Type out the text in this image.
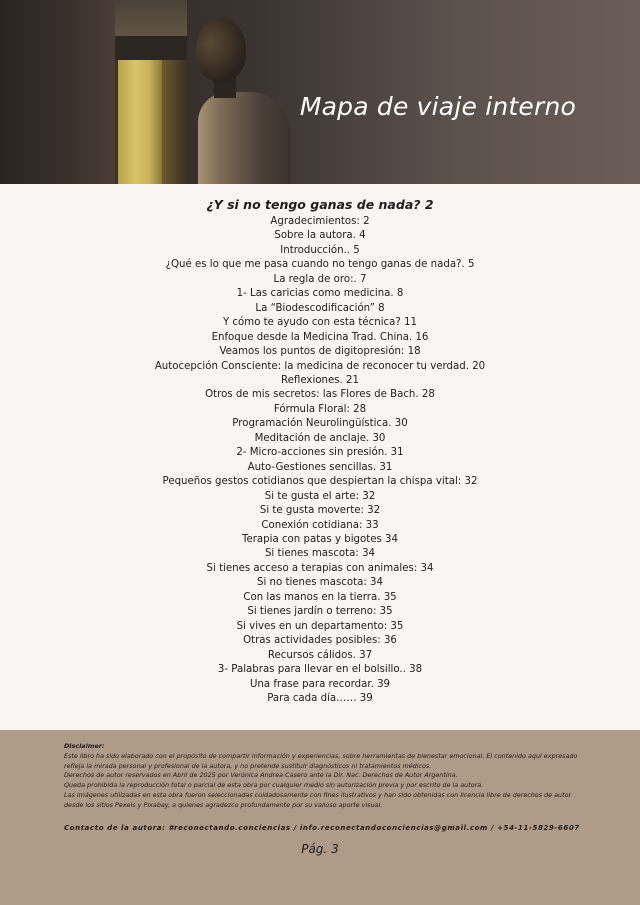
Mapa de viaje interno
¿Y si no tengo ganas de nada? 2
Agradecimientos: 2
Sobre la autora. 4
Introducción.. 5
¿Qué es lo que me pasa cuando no tengo ganas de nada?. 5
La regla de oro:. 7
1- Las caricias como medicina. 8
La “Biodescodificación” 8
Y cómo te ayudo con esta técnica? 11
Enfoque desde la Medicina Trad. China. 16
Veamos los puntos de digitopresión: 18
Autocepción Consciente: la medicina de reconocer tu verdad. 20
Reflexiones. 21
Otros de mis secretos: las Flores de Bach. 28
Fórmula Floral: 28
Programación Neurolingüística. 30
Meditación de anclaje. 30
2- Micro-acciones sin presión. 31
Auto-Gestiones sencillas. 31
Pequeños gestos cotidianos que despiertan la chispa vital: 32
Si te gusta el arte: 32
Si te gusta moverte: 32
Conexión cotidiana: 33
Terapia con patas y bigotes 34
Si tienes mascota: 34
Si tienes acceso a terapias con animales: 34
Si no tienes mascota: 34
Con las manos en la tierra. 35
Si tienes jardín o terreno: 35
Si vives en un departamento: 35
Otras actividades posibles: 36
Recursos cálidos. 37
3- Palabras para llevar en el bolsillo.. 38
Una frase para recordar. 39
Para cada día…… 39
Disclaimer:
Este libro ha sido elaborado con el propósito de compartir información y experiencias, sobre herramientas de bienestar emocional. El contenido aquí expresado refleja la mirada personal y profesional de la autora, y no pretende sustituir diagnósticos ni tratamientos médicos.
Derechos de autor reservados en Abril de 2025 por Verónica Andrea Casero ante la Dir. Nac. Derechos de Autor Argentina.
Queda prohibida la reproducción total o parcial de esta obra por cualquier medio sin autorización previa y por escrito de la autora.
Las imágenes utilizadas en esta obra fueron seleccionadas cuidadosamente con fines ilustrativos y han sido obtenidas con licencia libre de derechos de autor desde los sitios Pexels y Pixabay, a quienes agradezco profundamente por su valioso aporte visual.
Contacto de la autora: #reconectando.conciencias / info.reconectandoconciencias@gmail.com / +54-11-5829-6607
Pág. 3
